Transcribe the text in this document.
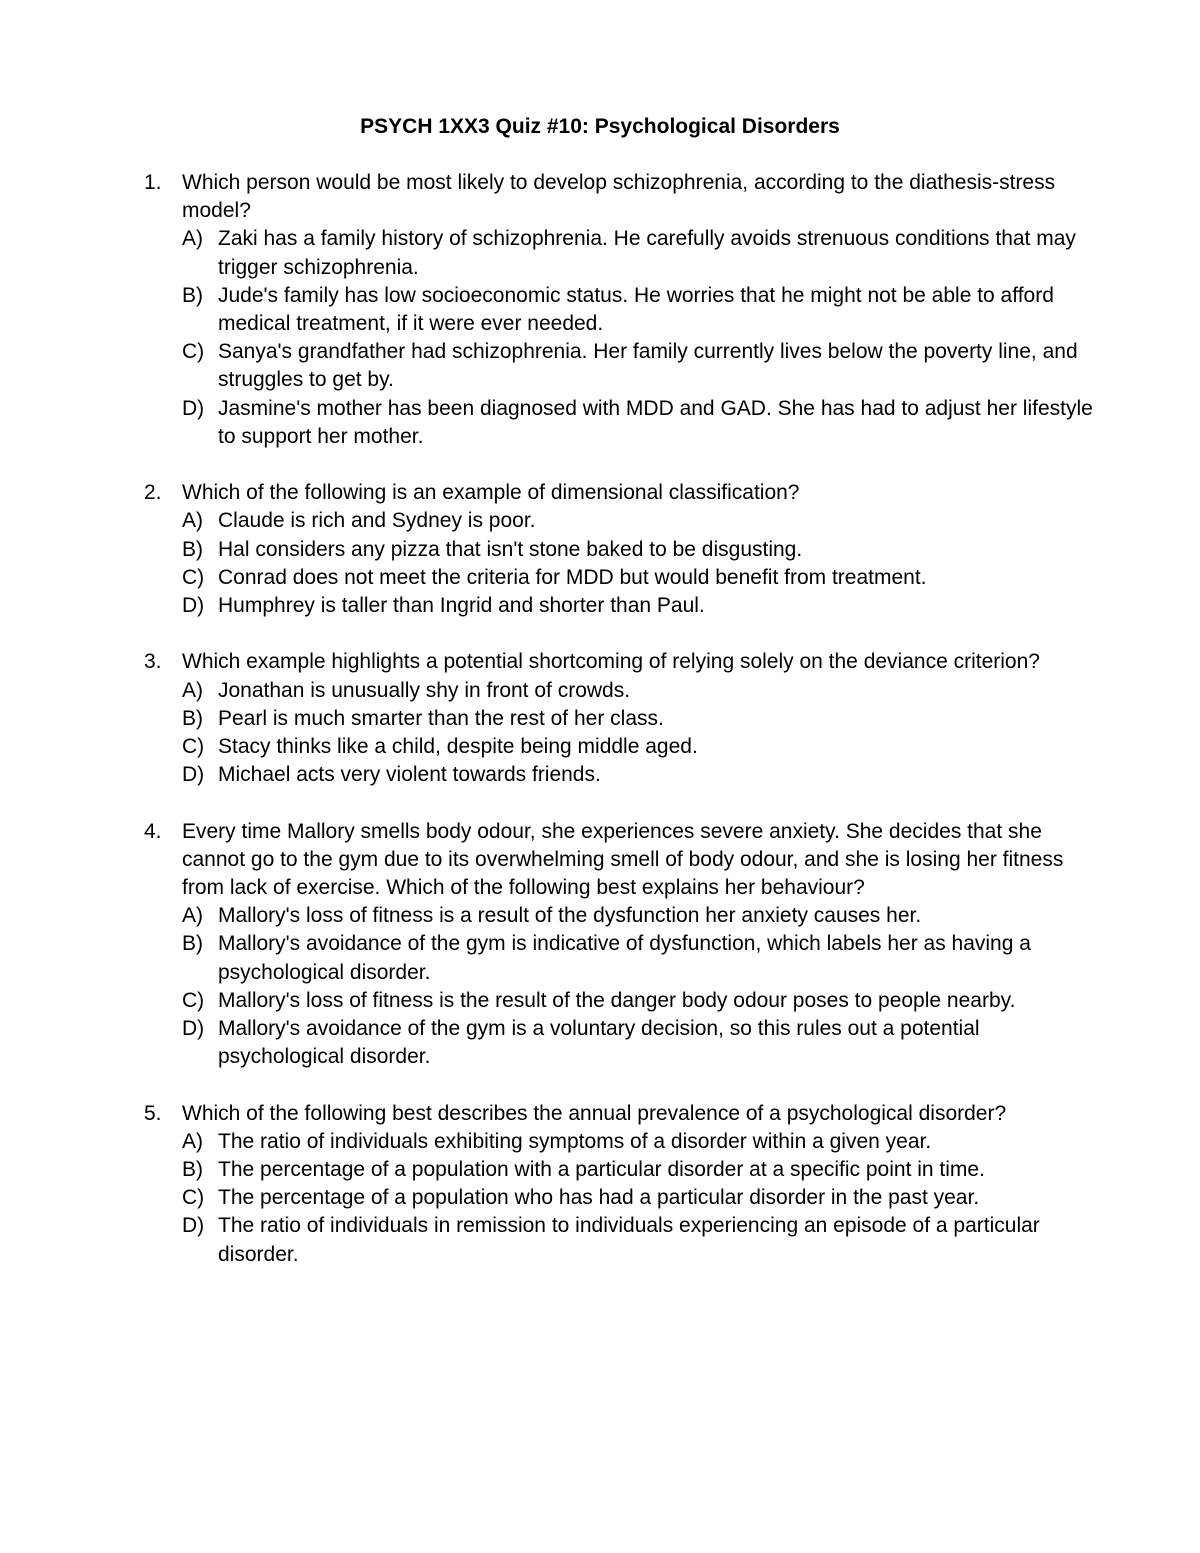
PSYCH 1XX3 Quiz #10: Psychological Disorders
1. Which person would be most likely to develop schizophrenia, according to the diathesis-stress model?
A) Zaki has a family history of schizophrenia. He carefully avoids strenuous conditions that may trigger schizophrenia.
B) Jude's family has low socioeconomic status. He worries that he might not be able to afford medical treatment, if it were ever needed.
C) Sanya's grandfather had schizophrenia. Her family currently lives below the poverty line, and struggles to get by.
D) Jasmine's mother has been diagnosed with MDD and GAD. She has had to adjust her lifestyle to support her mother.
2. Which of the following is an example of dimensional classification?
A) Claude is rich and Sydney is poor.
B) Hal considers any pizza that isn't stone baked to be disgusting.
C) Conrad does not meet the criteria for MDD but would benefit from treatment.
D) Humphrey is taller than Ingrid and shorter than Paul.
3. Which example highlights a potential shortcoming of relying solely on the deviance criterion?
A) Jonathan is unusually shy in front of crowds.
B) Pearl is much smarter than the rest of her class.
C) Stacy thinks like a child, despite being middle aged.
D) Michael acts very violent towards friends.
4. Every time Mallory smells body odour, she experiences severe anxiety. She decides that she cannot go to the gym due to its overwhelming smell of body odour, and she is losing her fitness from lack of exercise. Which of the following best explains her behaviour?
A) Mallory's loss of fitness is a result of the dysfunction her anxiety causes her.
B) Mallory's avoidance of the gym is indicative of dysfunction, which labels her as having a psychological disorder.
C) Mallory's loss of fitness is the result of the danger body odour poses to people nearby.
D) Mallory's avoidance of the gym is a voluntary decision, so this rules out a potential psychological disorder.
5. Which of the following best describes the annual prevalence of a psychological disorder?
A) The ratio of individuals exhibiting symptoms of a disorder within a given year.
B) The percentage of a population with a particular disorder at a specific point in time.
C) The percentage of a population who has had a particular disorder in the past year.
D) The ratio of individuals in remission to individuals experiencing an episode of a particular disorder.
